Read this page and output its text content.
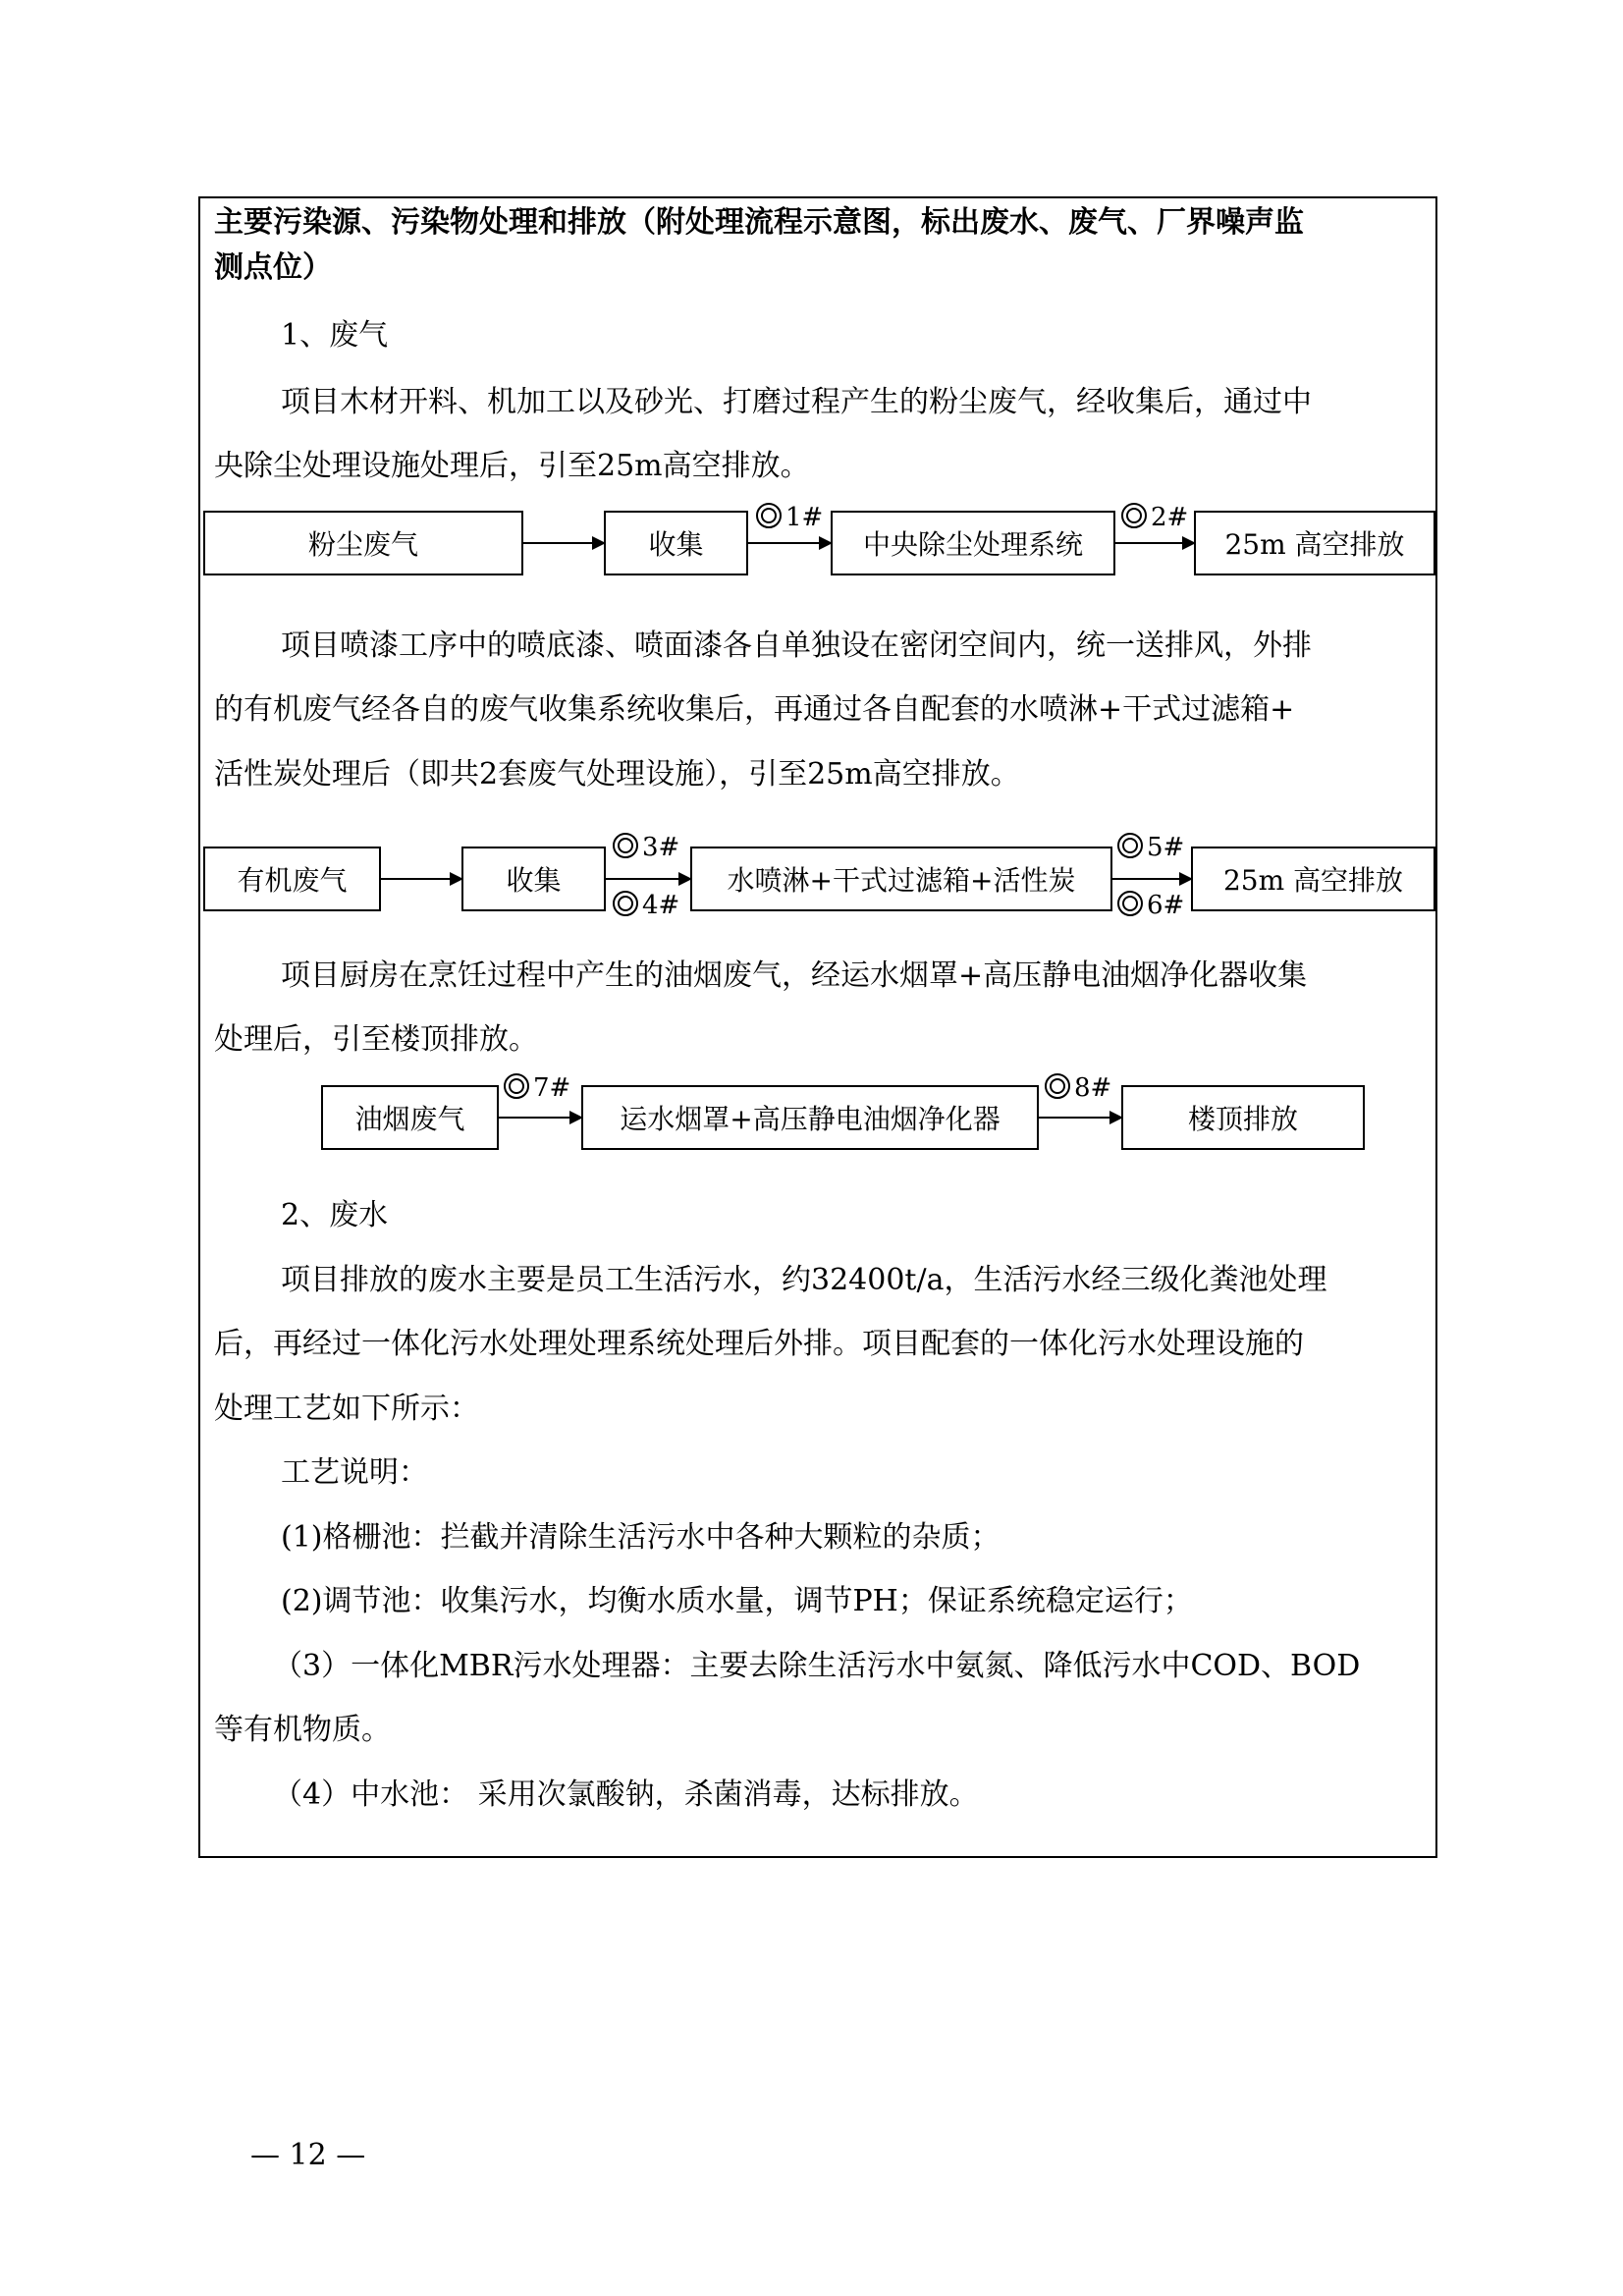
主要污染源、污染物处理和排放（附处理流程示意图，标出废水、废气、厂界噪声监
测点位）
1、废气
项目木材开料、机加工以及砂光、打磨过程产生的粉尘废气，经收集后，通过中
央除尘处理设施处理后，引至25m高空排放。
粉尘废气	收集
1#
中央除尘处理系统
2#
25m 高空排放
项目喷漆工序中的喷底漆、喷面漆各自单独设在密闭空间内，统一送排风，外排
的有机废气经各自的废气收集系统收集后，再通过各自配套的水喷淋+干式过滤箱+
活性炭处理后（即共2套废气处理设施），引至25m高空排放。
有机废气	收集
3#
4#
水喷淋+干式过滤箱+活性炭
5#
6#
25m 高空排放
项目厨房在烹饪过程中产生的油烟废气，经运水烟罩+高压静电油烟净化器收集
处理后，引至楼顶排放。
油烟废气
7#
运水烟罩+高压静电油烟净化器
8#
楼顶排放
2、废水
项目排放的废水主要是员工生活污水，约32400t/a，生活污水经三级化粪池处理
后，再经过一体化污水处理处理系统处理后外排。项目配套的一体化污水处理设施的
处理工艺如下所示：
工艺说明：
(1)格栅池：拦截并清除生活污水中各种大颗粒的杂质；
(2)调节池：收集污水，均衡水质水量，调节PH；保证系统稳定运行；
（3）一体化MBR污水处理器：主要去除生活污水中氨氮、降低污水中COD、BOD
等有机物质。
（4）中水池： 采用次氯酸钠，杀菌消毒，达标排放。
— 12 —
